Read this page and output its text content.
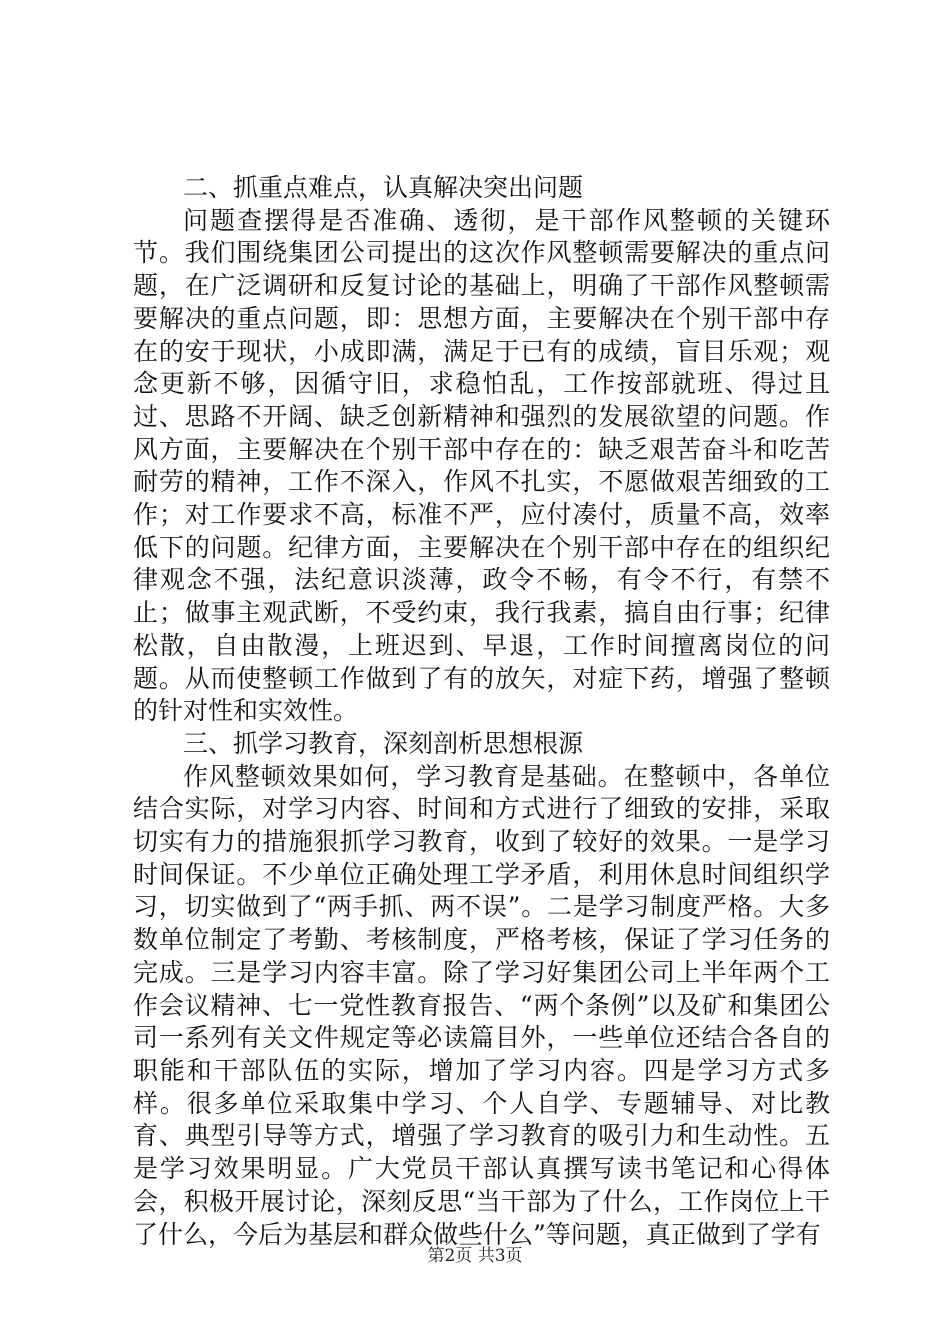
二、抓重点难点，认真解决突出问题

问题查摆得是否准确、透彻，是干部作风整顿的关键环节。我们围绕集团公司提出的这次作风整顿需要解决的重点问题，在广泛调研和反复讨论的基础上，明确了干部作风整顿需要解决的重点问题，即：思想方面，主要解决在个别干部中存在的安于现状，小成即满，满足于已有的成绩，盲目乐观；观念更新不够，因循守旧，求稳怕乱，工作按部就班、得过且过、思路不开阔、缺乏创新精神和强烈的发展欲望的问题。作风方面，主要解决在个别干部中存在的：缺乏艰苦奋斗和吃苦耐劳的精神，工作不深入，作风不扎实，不愿做艰苦细致的工作；对工作要求不高，标准不严，应付凑付，质量不高，效率低下的问题。纪律方面，主要解决在个别干部中存在的组织纪律观念不强，法纪意识淡薄，政令不畅，有令不行，有禁不止；做事主观武断，不受约束，我行我素，搞自由行事；纪律松散，自由散漫，上班迟到、早退，工作时间擅离岗位的问题。从而使整顿工作做到了有的放矢，对症下药，增强了整顿的针对性和实效性。

三、抓学习教育，深刻剖析思想根源

作风整顿效果如何，学习教育是基础。在整顿中，各单位结合实际，对学习内容、时间和方式进行了细致的安排，采取切实有力的措施狠抓学习教育，收到了较好的效果。一是学习时间保证。不少单位正确处理工学矛盾，利用休息时间组织学习，切实做到了“两手抓、两不误”。二是学习制度严格。大多数单位制定了考勤、考核制度，严格考核，保证了学习任务的完成。三是学习内容丰富。除了学习好集团公司上半年两个工作会议精神、七一党性教育报告、“两个条例”以及矿和集团公司一系列有关文件规定等必读篇目外，一些单位还结合各自的职能和干部队伍的实际，增加了学习内容。四是学习方式多样。很多单位采取集中学习、个人自学、专题辅导、对比教育、典型引导等方式，增强了学习教育的吸引力和生动性。五是学习效果明显。广大党员干部认真撰写读书笔记和心得体会，积极开展讨论，深刻反思“当干部为了什么，工作岗位上干了什么，今后为基层和群众做些什么”等问题，真正做到了学有

第2页 共3页
